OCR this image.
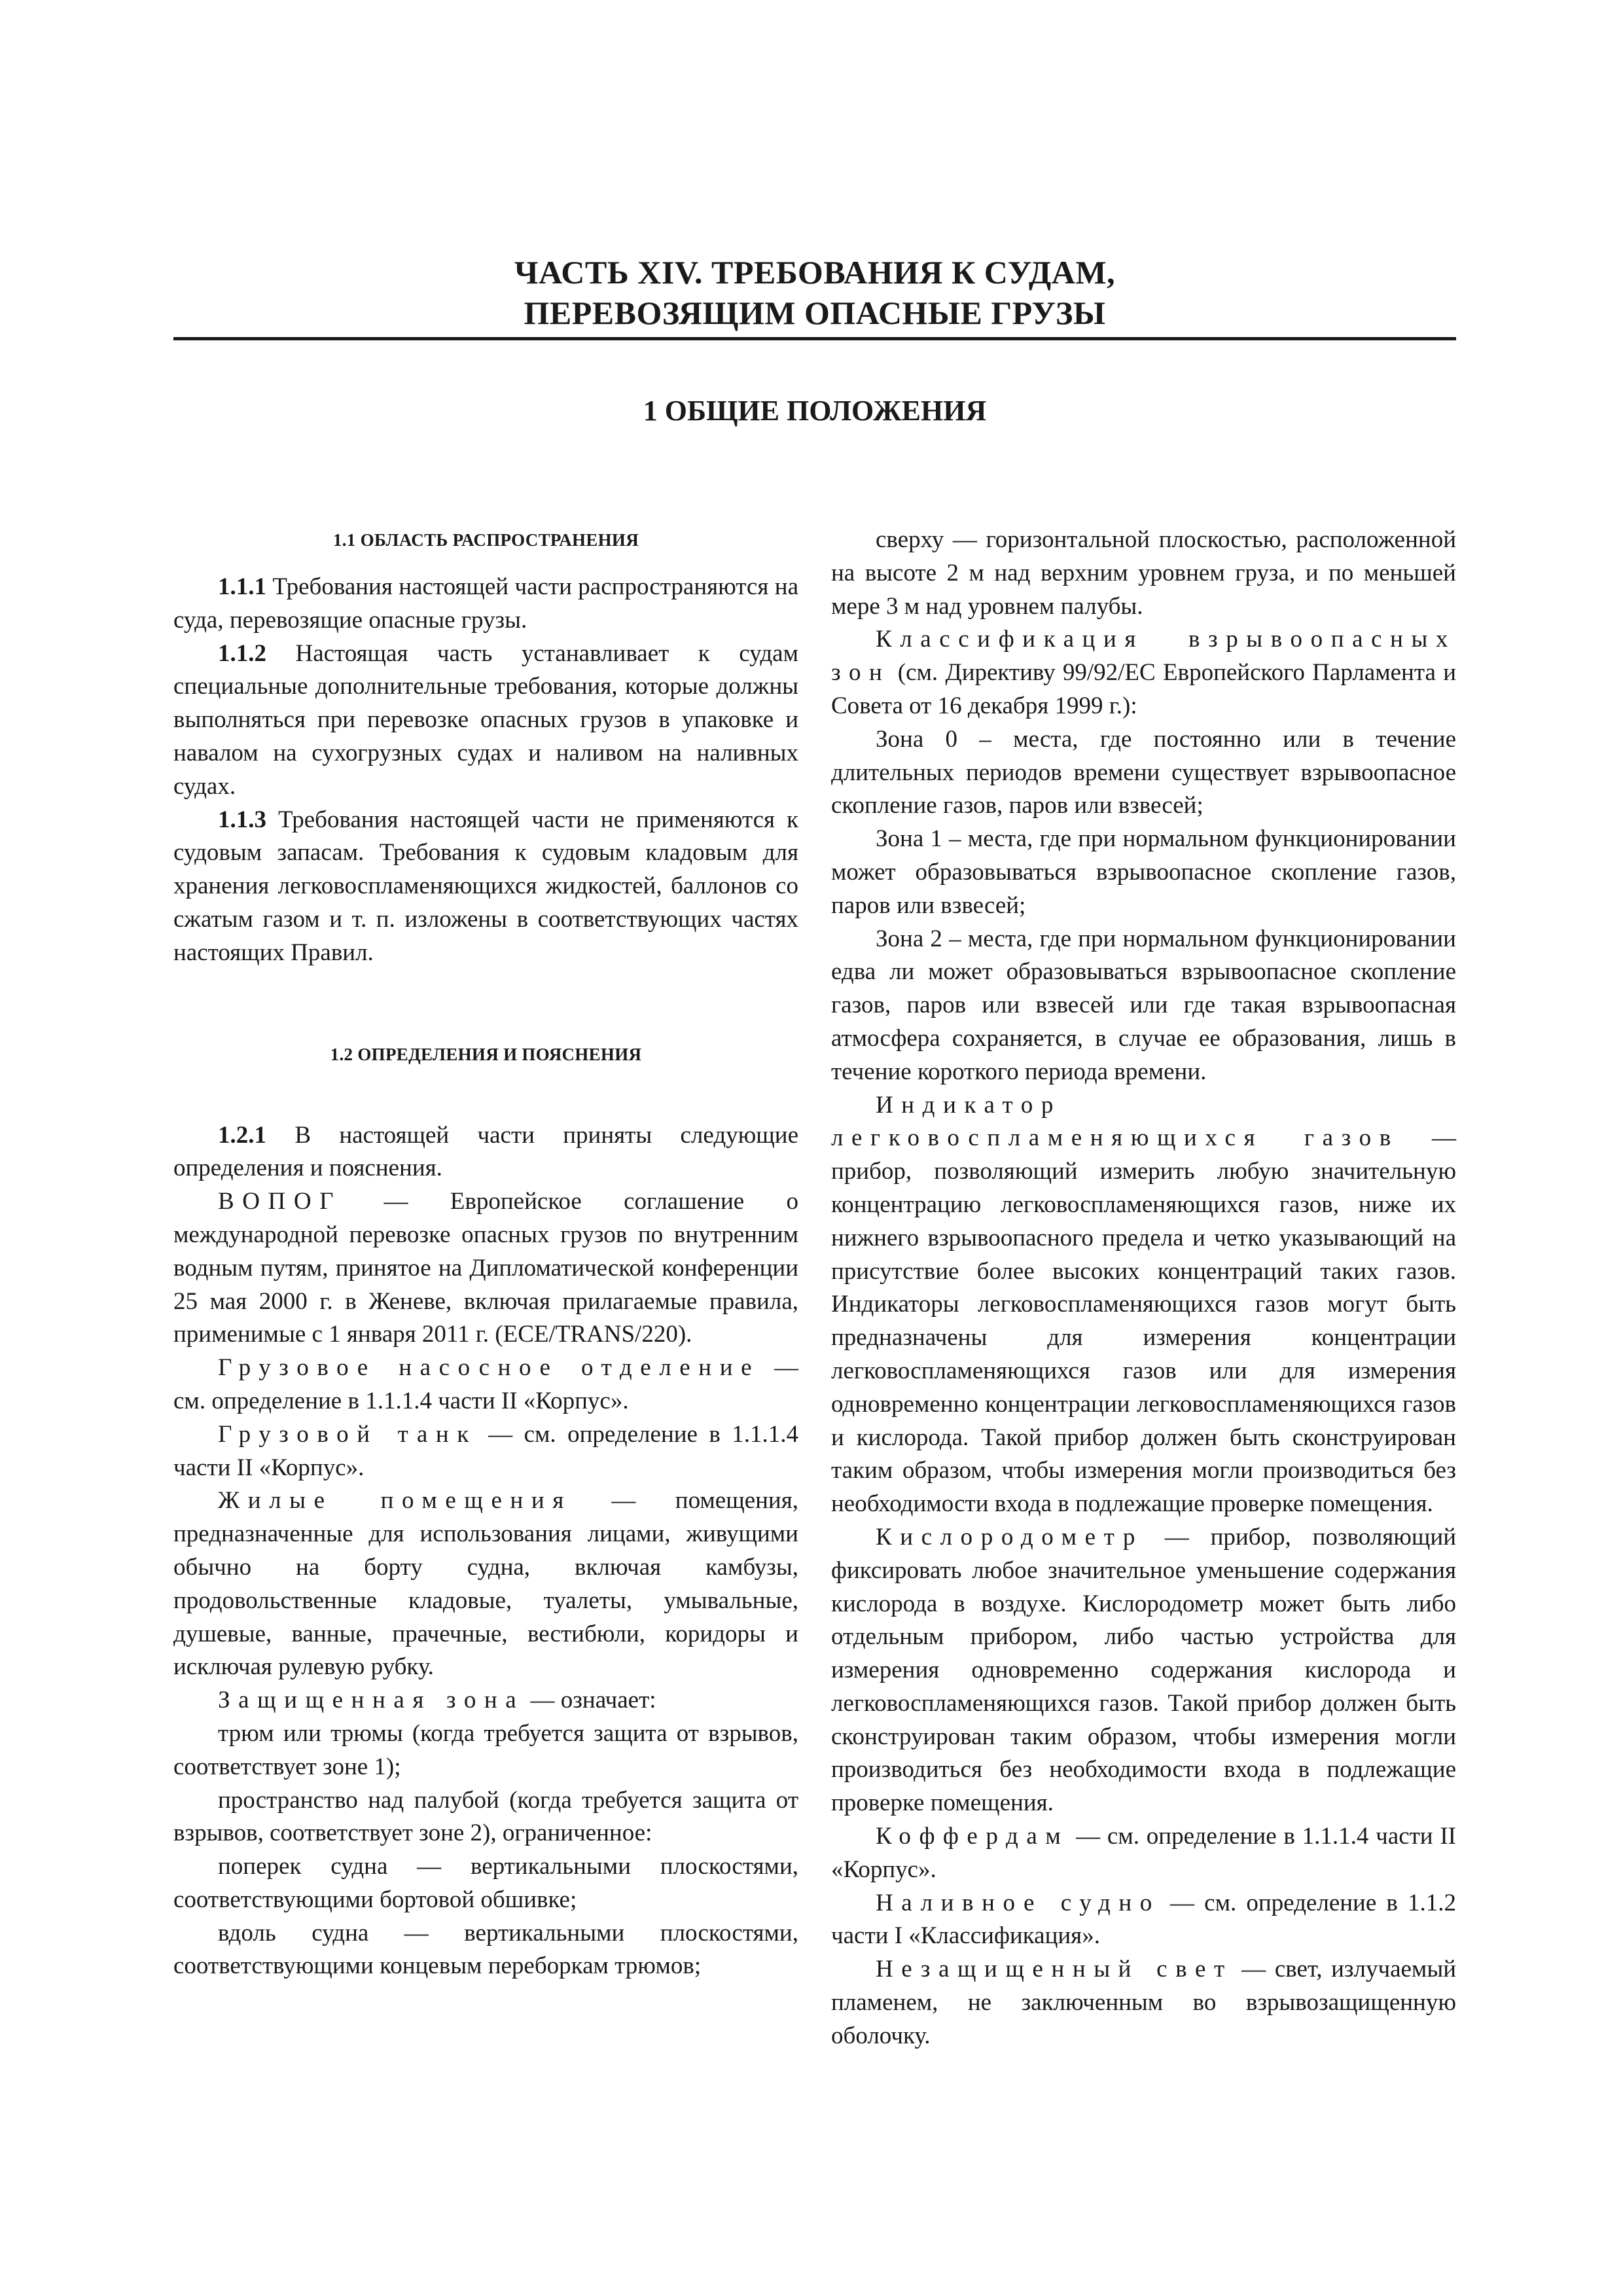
ЧАСТЬ XIV. ТРЕБОВАНИЯ К СУДАМ,
ПЕРЕВОЗЯЩИМ ОПАСНЫЕ ГРУЗЫ
1 ОБЩИЕ ПОЛОЖЕНИЯ

1.1 ОБЛАСТЬ РАСПРОСТРАНЕНИЯ

1.1.1 Требования настоящей части распространяются на суда, перевозящие опасные грузы.

1.1.2 Настоящая часть устанавливает к судам специальные дополнительные требования, которые должны выполняться при перевозке опасных грузов в упаковке и навалом на сухогрузных судах и наливом на наливных судах.

1.1.3 Требования настоящей части не применяются к судовым запасам. Требования к судовым кладовым для хранения легковоспламеняющихся жидкостей, баллонов со сжатым газом и т. п. изложены в соответствующих частях настоящих Правил.

1.2 ОПРЕДЕЛЕНИЯ И ПОЯСНЕНИЯ

1.2.1 В настоящей части приняты следующие определения и пояснения.

ВОПОГ — Европейское соглашение о международной перевозке опасных грузов по внутренним водным путям, принятое на Дипломатической конференции 25 мая 2000 г. в Женеве, включая прилагаемые правила, применимые с 1 января 2011 г. (ECE/TRANS/220).

Грузовое насосное отделение — см. определение в 1.1.1.4 части II «Корпус».

Грузовой танк — см. определение в 1.1.1.4 части II «Корпус».

Жилые помещения — помещения, предназначенные для использования лицами, живущими обычно на борту судна, включая камбузы, продовольственные кладовые, туалеты, умывальные, душевые, ванные, прачечные, вестибюли, коридоры и исключая рулевую рубку.

Защищенная зона — означает:

трюм или трюмы (когда требуется защита от взрывов, соответствует зоне 1);

пространство над палубой (когда требуется защита от взрывов, соответствует зоне 2), ограниченное:

поперек судна — вертикальными плоскостями, соответствующими бортовой обшивке;

вдоль судна — вертикальными плоскостями, соответствующими концевым переборкам трюмов;

сверху — горизонтальной плоскостью, расположенной на высоте 2 м над верхним уровнем груза, и по меньшей мере 3 м над уровнем палубы.

Классификация взрывоопасных зон (см. Директиву 99/92/EC Европейского Парламента и Совета от 16 декабря 1999 г.):

Зона 0 – места, где постоянно или в течение длительных периодов времени существует взрывоопасное скопление газов, паров или взвесей;

Зона 1 – места, где при нормальном функционировании может образовываться взрывоопасное скопление газов, паров или взвесей;

Зона 2 – места, где при нормальном функционировании едва ли может образовываться взрывоопасное скопление газов, паров или взвесей или где такая взрывоопасная атмосфера сохраняется, в случае ее образования, лишь в течение короткого периода времени.

Индикатор легковоспламеняющихся газов — прибор, позволяющий измерить любую значительную концентрацию легковоспламеняющихся газов, ниже их нижнего взрывоопасного предела и четко указывающий на присутствие более высоких концентраций таких газов. Индикаторы легковоспламеняющихся газов могут быть предназначены для измерения концентрации легковоспламеняющихся газов или для измерения одновременно концентрации легковоспламеняющихся газов и кислорода. Такой прибор должен быть сконструирован таким образом, чтобы измерения могли производиться без необходимости входа в подлежащие проверке помещения.

Кислородометр — прибор, позволяющий фиксировать любое значительное уменьшение содержания кислорода в воздухе. Кислородометр может быть либо отдельным прибором, либо частью устройства для измерения одновременно содержания кислорода и легковоспламеняющихся газов. Такой прибор должен быть сконструирован таким образом, чтобы измерения могли производиться без необходимости входа в подлежащие проверке помещения.

Коффердам — см. определение в 1.1.1.4 части II «Корпус».

Наливное судно — см. определение в 1.1.2 части I «Классификация».

Незащищенный свет — свет, излучаемый пламенем, не заключенным во взрывозащищенную оболочку.
